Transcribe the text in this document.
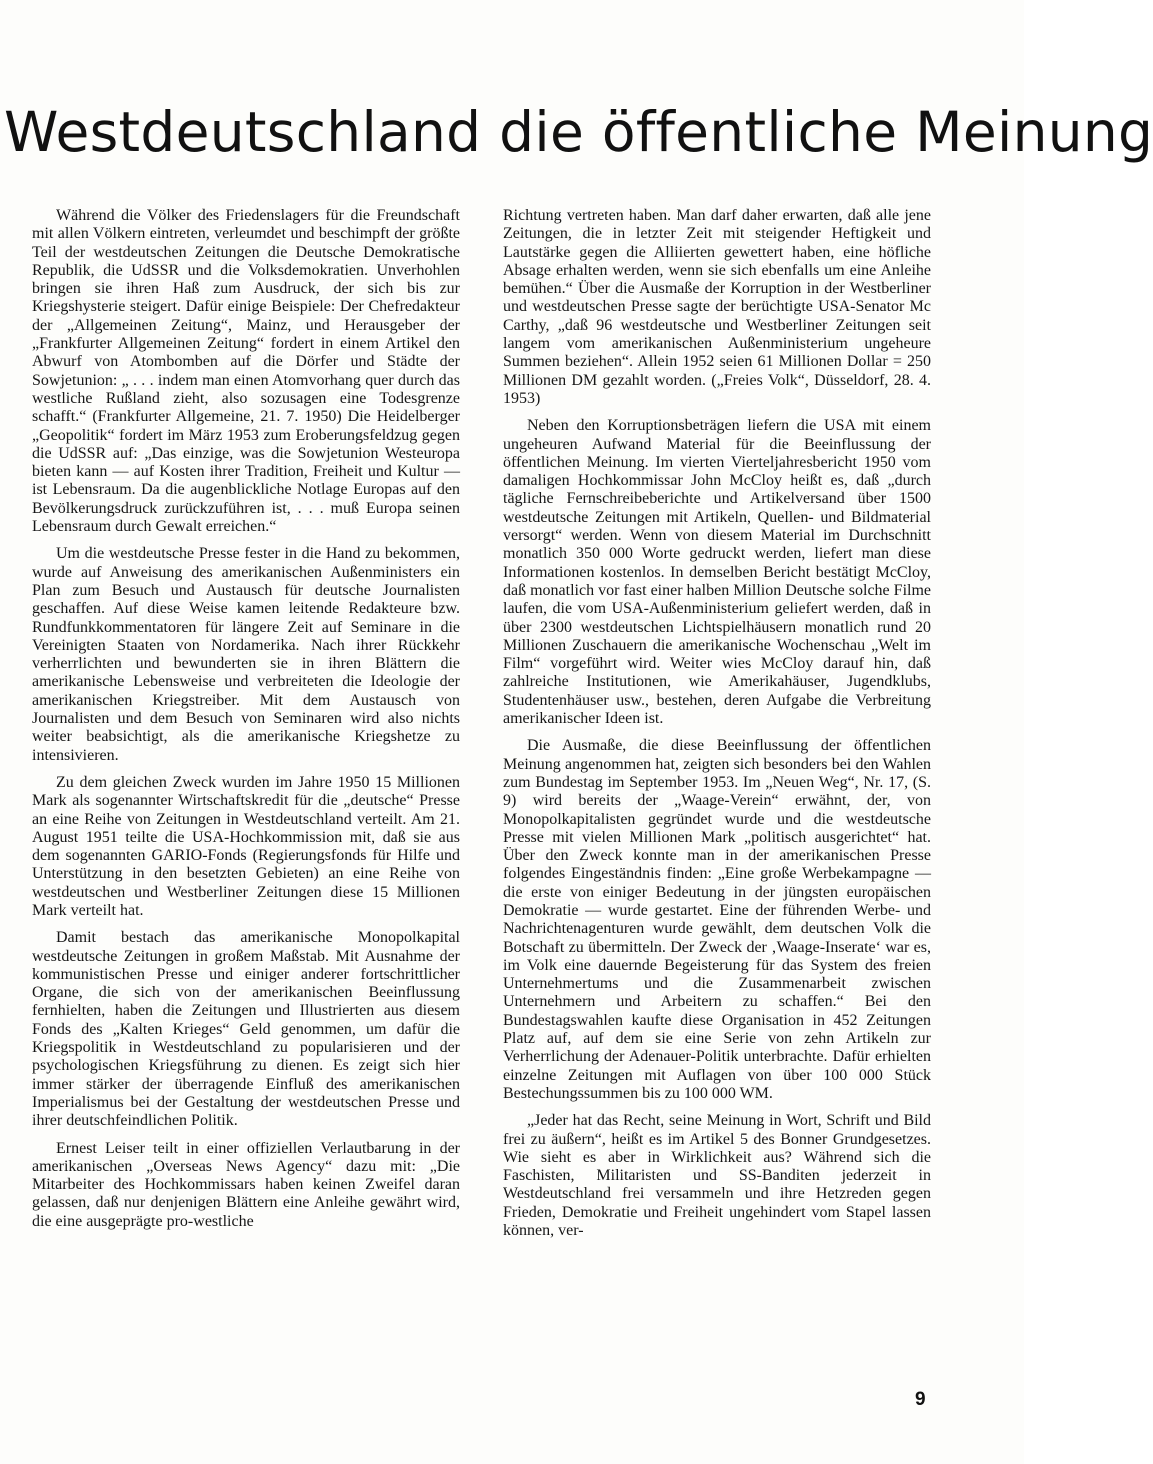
Westdeutschland die öffentliche Meinung

Während die Völker des Friedenslagers für die Freundschaft mit allen Völkern eintreten, verleumdet und beschimpft der größte Teil der westdeutschen Zeitungen die Deutsche Demokratische Republik, die UdSSR und die Volksdemokratien. Unverhohlen bringen sie ihren Haß zum Ausdruck, der sich bis zur Kriegshysterie steigert. Dafür einige Beispiele: Der Chefredakteur der „Allgemeinen Zeitung“, Mainz, und Herausgeber der „Frankfurter Allgemeinen Zeitung“ fordert in einem Artikel den Abwurf von Atombomben auf die Dörfer und Städte der Sowjetunion: „ . . . indem man einen Atomvorhang quer durch das westliche Rußland zieht, also sozusagen eine Todesgrenze schafft.“ (Frankfurter Allgemeine, 21. 7. 1950) Die Heidelberger „Geopolitik“ fordert im März 1953 zum Eroberungsfeldzug gegen die UdSSR auf: „Das einzige, was die Sowjetunion Westeuropa bieten kann — auf Kosten ihrer Tradition, Freiheit und Kultur — ist Lebensraum. Da die augenblickliche Notlage Europas auf den Bevölkerungsdruck zurückzuführen ist, . . . muß Europa seinen Lebensraum durch Gewalt erreichen.“

Um die westdeutsche Presse fester in die Hand zu bekommen, wurde auf Anweisung des amerikanischen Außenministers ein Plan zum Besuch und Austausch für deutsche Journalisten geschaffen. Auf diese Weise kamen leitende Redakteure bzw. Rundfunkkommentatoren für längere Zeit auf Seminare in die Vereinigten Staaten von Nordamerika. Nach ihrer Rückkehr verherrlichten und bewunderten sie in ihren Blättern die amerikanische Lebensweise und verbreiteten die Ideologie der amerikanischen Kriegstreiber. Mit dem Austausch von Journalisten und dem Besuch von Seminaren wird also nichts weiter beabsichtigt, als die amerikanische Kriegshetze zu intensivieren.

Zu dem gleichen Zweck wurden im Jahre 1950 15 Millionen Mark als sogenannter Wirtschaftskredit für die „deutsche“ Presse an eine Reihe von Zeitungen in Westdeutschland verteilt. Am 21. August 1951 teilte die USA-Hochkommission mit, daß sie aus dem sogenannten GARIO-Fonds (Regierungsfonds für Hilfe und Unterstützung in den besetzten Gebieten) an eine Reihe von westdeutschen und Westberliner Zeitungen diese 15 Millionen Mark verteilt hat.

Damit bestach das amerikanische Monopolkapital westdeutsche Zeitungen in großem Maßstab. Mit Ausnahme der kommunistischen Presse und einiger anderer fortschrittlicher Organe, die sich von der amerikanischen Beeinflussung fernhielten, haben die Zeitungen und Illustrierten aus diesem Fonds des „Kalten Krieges“ Geld genommen, um dafür die Kriegspolitik in Westdeutschland zu popularisieren und der psychologischen Kriegsführung zu dienen. Es zeigt sich hier immer stärker der überragende Einfluß des amerikanischen Imperialismus bei der Gestaltung der westdeutschen Presse und ihrer deutschfeindlichen Politik.

Ernest Leiser teilt in einer offiziellen Verlautbarung in der amerikanischen „Overseas News Agency“ dazu mit: „Die Mitarbeiter des Hochkommissars haben keinen Zweifel daran gelassen, daß nur denjenigen Blättern eine Anleihe gewährt wird, die eine ausgeprägte pro-westliche

Richtung vertreten haben. Man darf daher erwarten, daß alle jene Zeitungen, die in letzter Zeit mit steigender Heftigkeit und Lautstärke gegen die Alliierten gewettert haben, eine höfliche Absage erhalten werden, wenn sie sich ebenfalls um eine Anleihe bemühen.“ Über die Ausmaße der Korruption in der Westberliner und westdeutschen Presse sagte der berüchtigte USA-Senator Mc Carthy, „daß 96 westdeutsche und Westberliner Zeitungen seit langem vom amerikanischen Außenministerium ungeheure Summen beziehen“. Allein 1952 seien 61 Millionen Dollar = 250 Millionen DM gezahlt worden. („Freies Volk“, Düsseldorf, 28. 4. 1953)

Neben den Korruptionsbeträgen liefern die USA mit einem ungeheuren Aufwand Material für die Beeinflussung der öffentlichen Meinung. Im vierten Vierteljahresbericht 1950 vom damaligen Hochkommissar John McCloy heißt es, daß „durch tägliche Fernschreibeberichte und Artikelversand über 1500 westdeutsche Zeitungen mit Artikeln, Quellen- und Bildmaterial versorgt“ werden. Wenn von diesem Material im Durchschnitt monatlich 350 000 Worte gedruckt werden, liefert man diese Informationen kostenlos. In demselben Bericht bestätigt McCloy, daß monatlich vor fast einer halben Million Deutsche solche Filme laufen, die vom USA-Außenministerium geliefert werden, daß in über 2300 westdeutschen Lichtspielhäusern monatlich rund 20 Millionen Zuschauern die amerikanische Wochenschau „Welt im Film“ vorgeführt wird. Weiter wies McCloy darauf hin, daß zahlreiche Institutionen, wie Amerikahäuser, Jugendklubs, Studentenhäuser usw., bestehen, deren Aufgabe die Verbreitung amerikanischer Ideen ist.

Die Ausmaße, die diese Beeinflussung der öffentlichen Meinung angenommen hat, zeigten sich besonders bei den Wahlen zum Bundestag im September 1953. Im „Neuen Weg“, Nr. 17, (S. 9) wird bereits der „Waage-Verein“ erwähnt, der, von Monopolkapitalisten gegründet wurde und die westdeutsche Presse mit vielen Millionen Mark „politisch ausgerichtet“ hat. Über den Zweck konnte man in der amerikanischen Presse folgendes Eingeständnis finden: „Eine große Werbekampagne — die erste von einiger Bedeutung in der jüngsten europäischen Demokratie — wurde gestartet. Eine der führenden Werbe- und Nachrichtenagenturen wurde gewählt, dem deutschen Volk die Botschaft zu übermitteln. Der Zweck der ‚Waage-Inserate‘ war es, im Volk eine dauernde Begeisterung für das System des freien Unternehmertums und die Zusammenarbeit zwischen Unternehmern und Arbeitern zu schaffen.“ Bei den Bundestagswahlen kaufte diese Organisation in 452 Zeitungen Platz auf, auf dem sie eine Serie von zehn Artikeln zur Verherrlichung der Adenauer-Politik unterbrachte. Dafür erhielten einzelne Zeitungen mit Auflagen von über 100 000 Stück Bestechungssummen bis zu 100 000 WM.

„Jeder hat das Recht, seine Meinung in Wort, Schrift und Bild frei zu äußern“, heißt es im Artikel 5 des Bonner Grundgesetzes. Wie sieht es aber in Wirklichkeit aus? Während sich die Faschisten, Militaristen und SS-Banditen jederzeit in Westdeutschland frei versammeln und ihre Hetzreden gegen Frieden, Demokratie und Freiheit ungehindert vom Stapel lassen können, ver-

9
